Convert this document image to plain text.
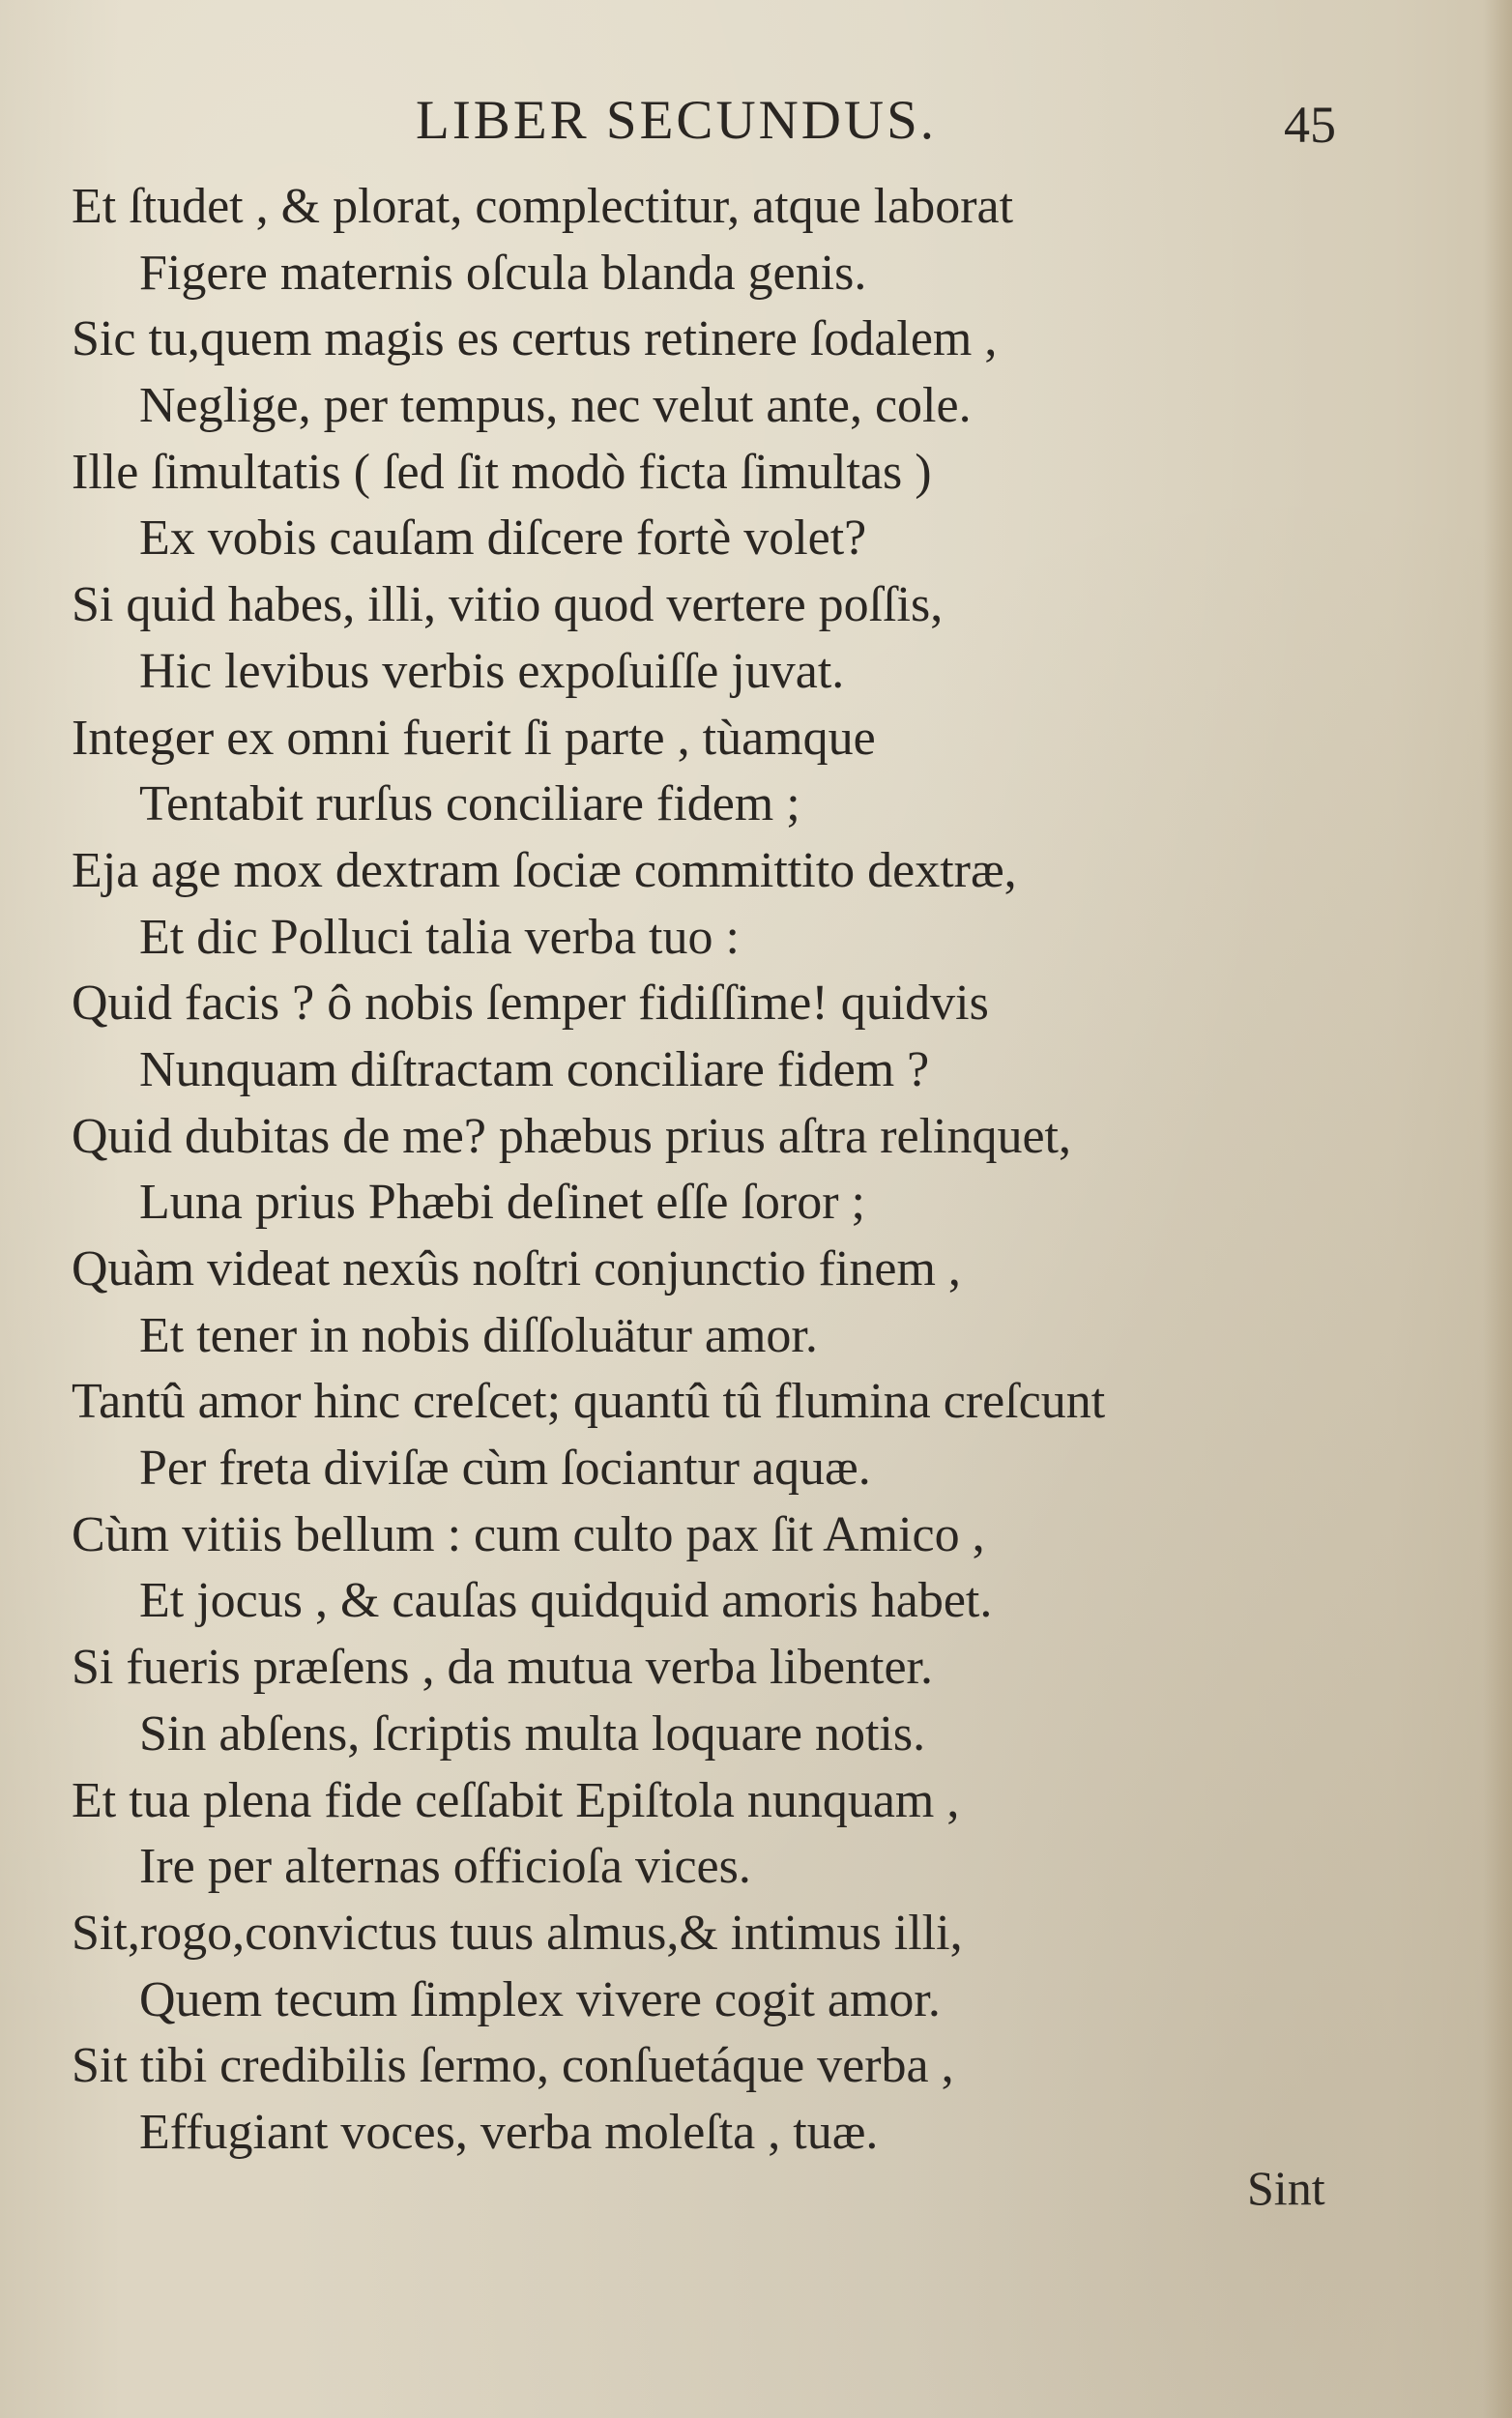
LIBER SECUNDUS.	45
Et ſtudet , & plorat, complectitur, atque laborat
Figere maternis oſcula blanda genis.
Sic tu,quem magis es certus retinere ſodalem ,
Neglige, per tempus, nec velut ante, cole.
Ille ſimultatis ( ſed ſit modò ficta ſimultas )
Ex vobis cauſam diſcere fortè volet?
Si quid habes, illi, vitio quod vertere poſſis,
Hic levibus verbis expoſuiſſe juvat.
Integer ex omni fuerit ſi parte , tùamque
Tentabit rurſus conciliare fidem ;
Eja age mox dextram ſociæ committito dextræ,
Et dic Polluci talia verba tuo :
Quid facis ? ô nobis ſemper fidiſſime! quidvis
Nunquam diſtractam conciliare fidem ?
Quid dubitas de me? phæbus prius aſtra relinquet,
Luna prius Phæbi deſinet eſſe ſoror ;
Quàm videat nexûs noſtri conjunctio finem ,
Et tener in nobis diſſoluätur amor.
Tantû amor hinc creſcet; quantû tû flumina creſcunt
Per freta diviſæ cùm ſociantur aquæ.
Cùm vitiis bellum : cum culto pax ſit Amico ,
Et jocus , & cauſas quidquid amoris habet.
Si fueris præſens , da mutua verba libenter.
Sin abſens, ſcriptis multa loquare notis.
Et tua plena fide ceſſabit Epiſtola nunquam ,
Ire per alternas officioſa vices.
Sit,rogo,convictus tuus almus,& intimus illi,
Quem tecum ſimplex vivere cogit amor.
Sit tibi credibilis ſermo, conſuetáque verba ,
Effugiant voces, verba moleſta , tuæ.
Sint
